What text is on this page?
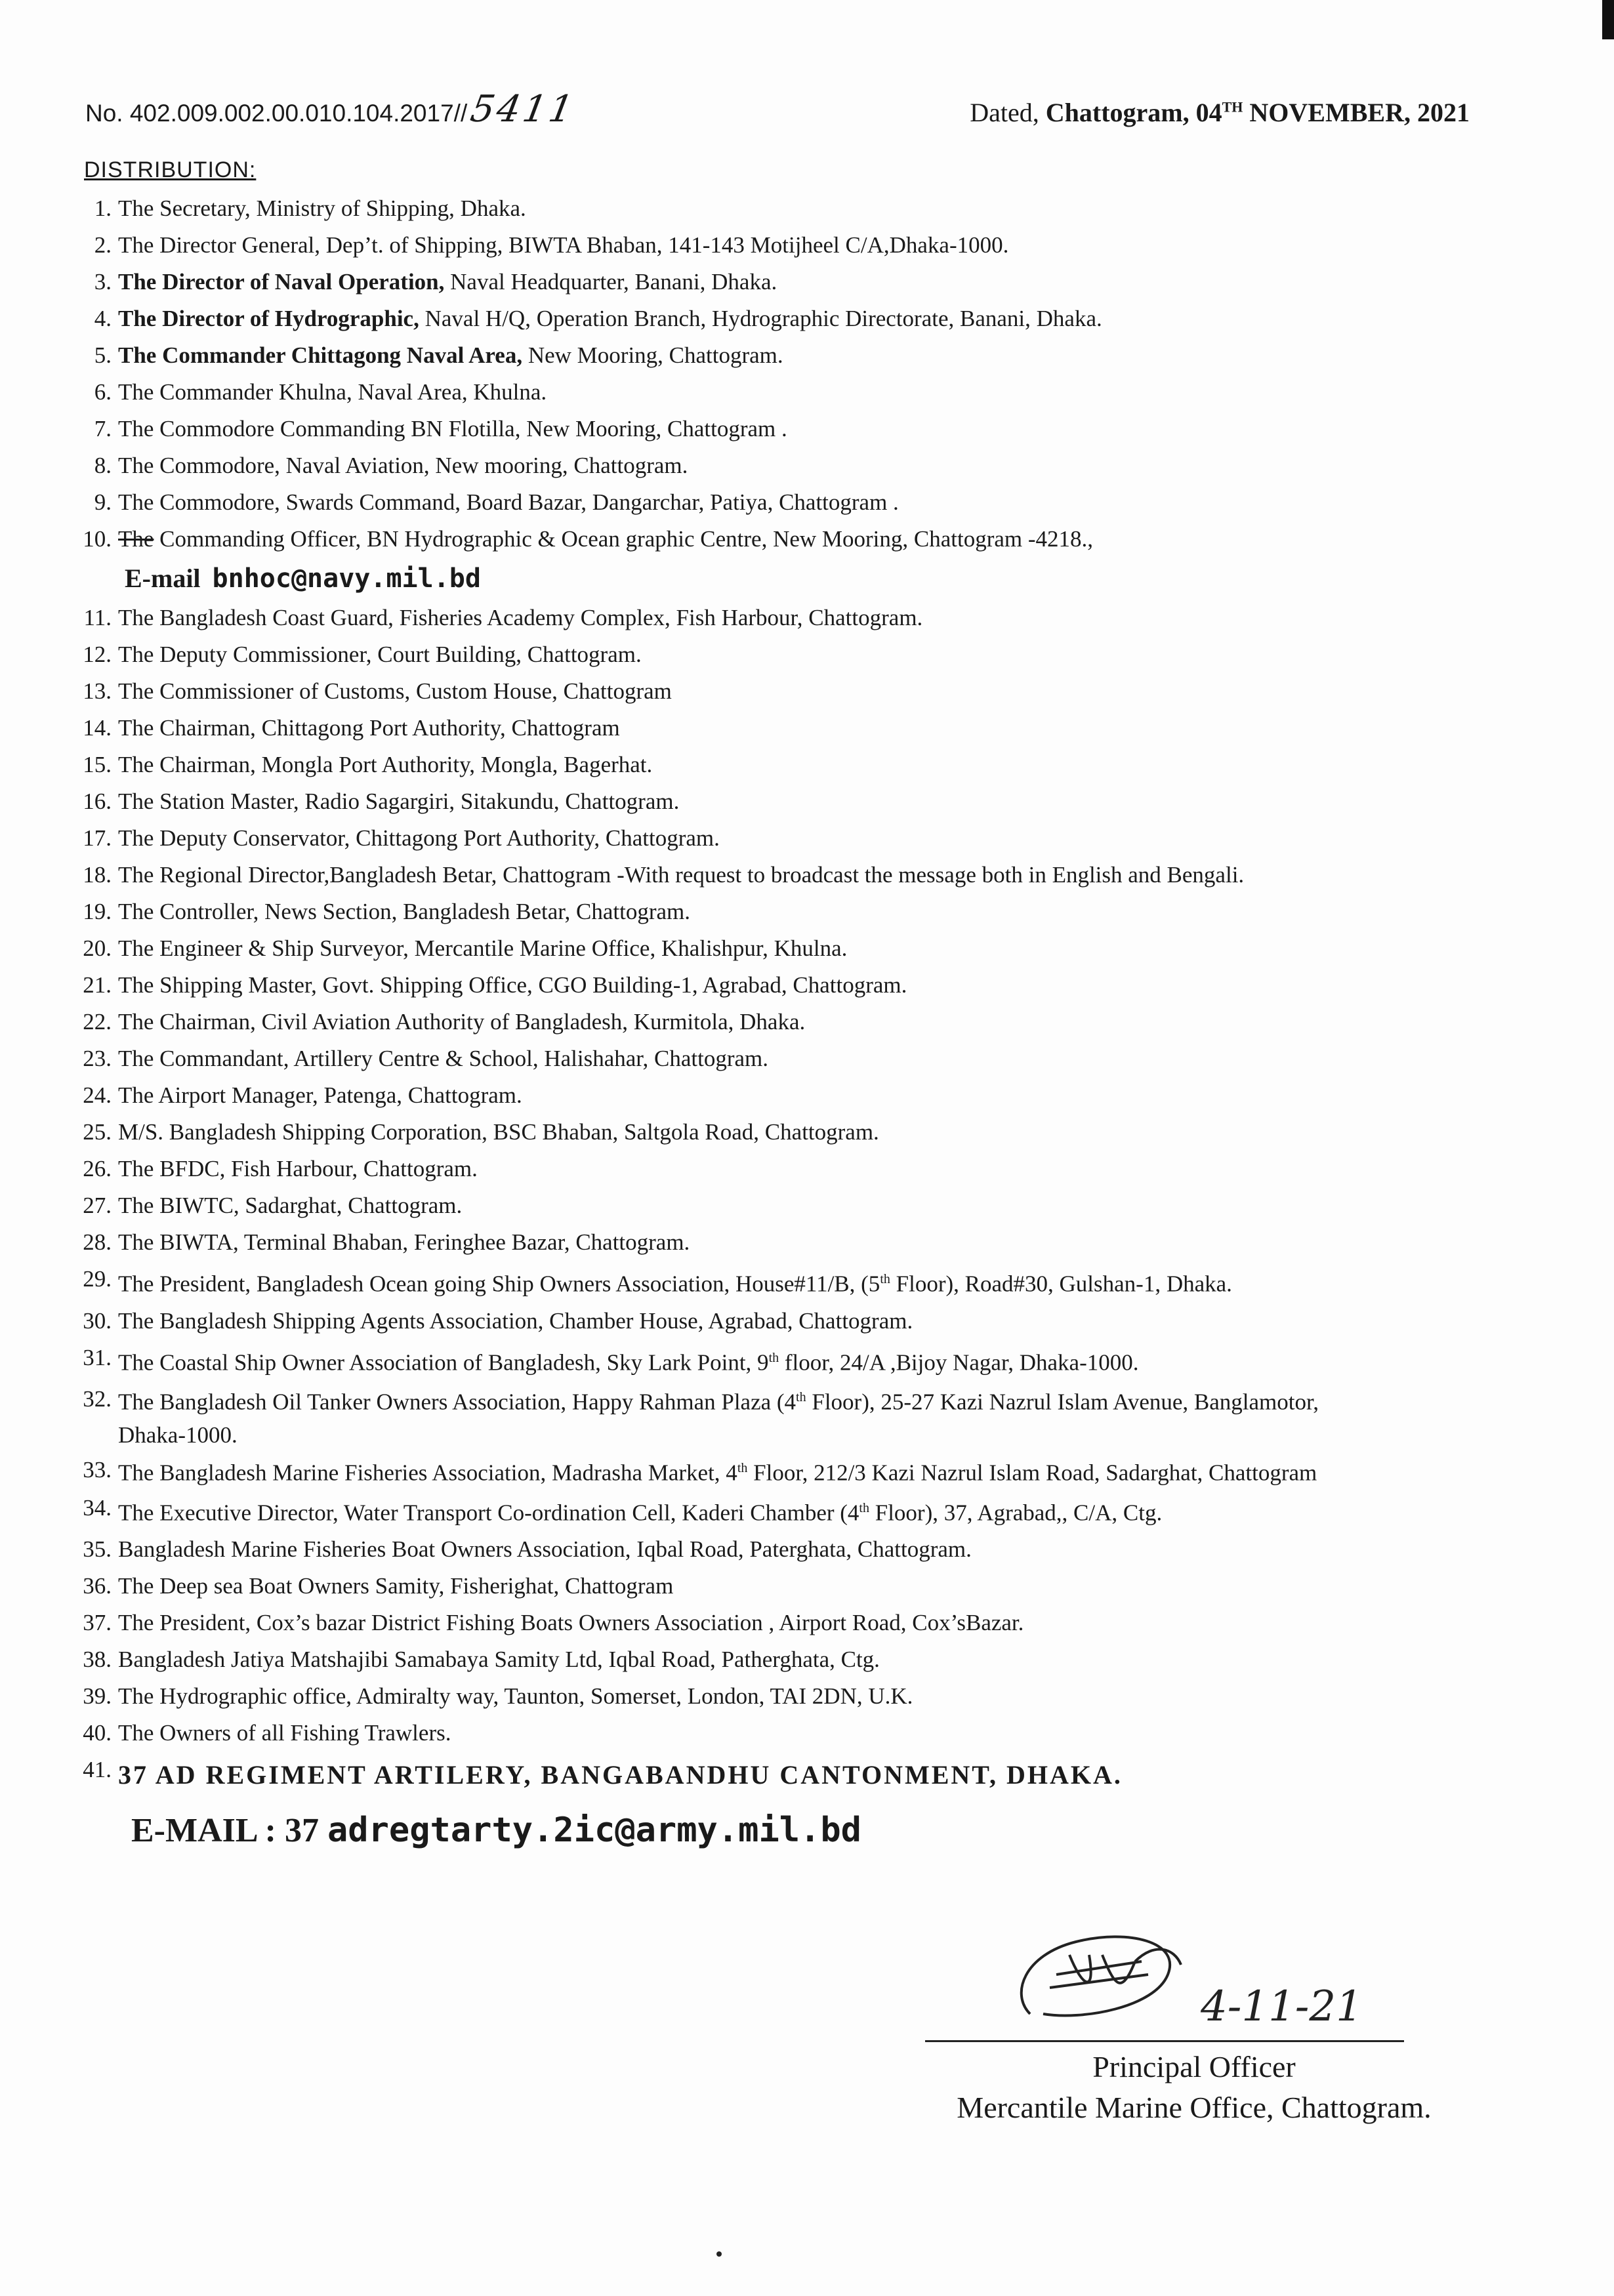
No. 402.009.002.00.010.104.2017//5411	Dated, Chattogram, 04TH NOVEMBER, 2021
DISTRIBUTION:
1. The Secretary, Ministry of Shipping, Dhaka.
2. The Director General, Dep’t. of Shipping, BIWTA Bhaban, 141-143 Motijheel C/A,Dhaka-1000.
3. The Director of Naval Operation, Naval Headquarter, Banani, Dhaka.
4. The Director of Hydrographic, Naval H/Q, Operation Branch, Hydrographic Directorate, Banani, Dhaka.
5. The Commander Chittagong Naval Area, New Mooring, Chattogram.
6. The Commander Khulna, Naval Area, Khulna.
7. The Commodore Commanding BN Flotilla, New Mooring, Chattogram .
8. The Commodore, Naval Aviation, New mooring, Chattogram.
9. The Commodore, Swards Command, Board Bazar, Dangarchar, Patiya, Chattogram .
10. The Commanding Officer, BN Hydrographic & Ocean graphic Centre, New Mooring, Chattogram -4218.,
E-mail bnhoc@navy.mil.bd
11. The Bangladesh Coast Guard, Fisheries Academy Complex, Fish Harbour, Chattogram.
12. The Deputy Commissioner, Court Building, Chattogram.
13. The Commissioner of Customs, Custom House, Chattogram
14. The Chairman, Chittagong Port Authority, Chattogram
15. The Chairman, Mongla Port Authority, Mongla, Bagerhat.
16. The Station Master, Radio Sagargiri, Sitakundu, Chattogram.
17. The Deputy Conservator, Chittagong Port Authority, Chattogram.
18. The Regional Director,Bangladesh Betar, Chattogram -With request to broadcast the message both in English and Bengali.
19. The Controller, News Section, Bangladesh Betar, Chattogram.
20. The Engineer & Ship Surveyor, Mercantile Marine Office, Khalishpur, Khulna.
21. The Shipping Master, Govt. Shipping Office, CGO Building-1, Agrabad, Chattogram.
22. The Chairman, Civil Aviation Authority of Bangladesh, Kurmitola, Dhaka.
23. The Commandant, Artillery Centre & School, Halishahar, Chattogram.
24. The Airport Manager, Patenga, Chattogram.
25. M/S. Bangladesh Shipping Corporation, BSC Bhaban, Saltgola Road, Chattogram.
26. The BFDC, Fish Harbour, Chattogram.
27. The BIWTC, Sadarghat, Chattogram.
28. The BIWTA, Terminal Bhaban, Feringhee Bazar, Chattogram.
29. The President, Bangladesh Ocean going Ship Owners Association, House#11/B, (5th Floor), Road#30, Gulshan-1, Dhaka.
30. The Bangladesh Shipping Agents Association, Chamber House, Agrabad, Chattogram.
31. The Coastal Ship Owner Association of Bangladesh, Sky Lark Point, 9th floor, 24/A ,Bijoy Nagar, Dhaka-1000.
32. The Bangladesh Oil Tanker Owners Association, Happy Rahman Plaza (4th Floor), 25-27 Kazi Nazrul Islam Avenue, Banglamotor, Dhaka-1000.
33. The Bangladesh Marine Fisheries Association, Madrasha Market, 4th Floor, 212/3 Kazi Nazrul Islam Road, Sadarghat, Chattogram
34. The Executive Director, Water Transport Co-ordination Cell, Kaderi Chamber (4th Floor), 37, Agrabad,, C/A, Ctg.
35. Bangladesh Marine Fisheries Boat Owners Association, Iqbal Road, Paterghata, Chattogram.
36. The Deep sea Boat Owners Samity, Fisherighat, Chattogram
37. The President, Cox’s bazar District Fishing Boats Owners Association , Airport Road, Cox’sBazar.
38. Bangladesh Jatiya Matshajibi Samabaya Samity Ltd, Iqbal Road, Patherghata, Ctg.
39. The Hydrographic office, Admiralty way, Taunton, Somerset, London, TAI 2DN, U.K.
40. The Owners of all Fishing Trawlers.
41. 37 AD REGIMENT ARTILERY, BANGABANDHU CANTONMENT, DHAKA.
E-MAIL : 37 adregtarty.2ic@army.mil.bd
4-11-21
Principal Officer
Mercantile Marine Office, Chattogram.
